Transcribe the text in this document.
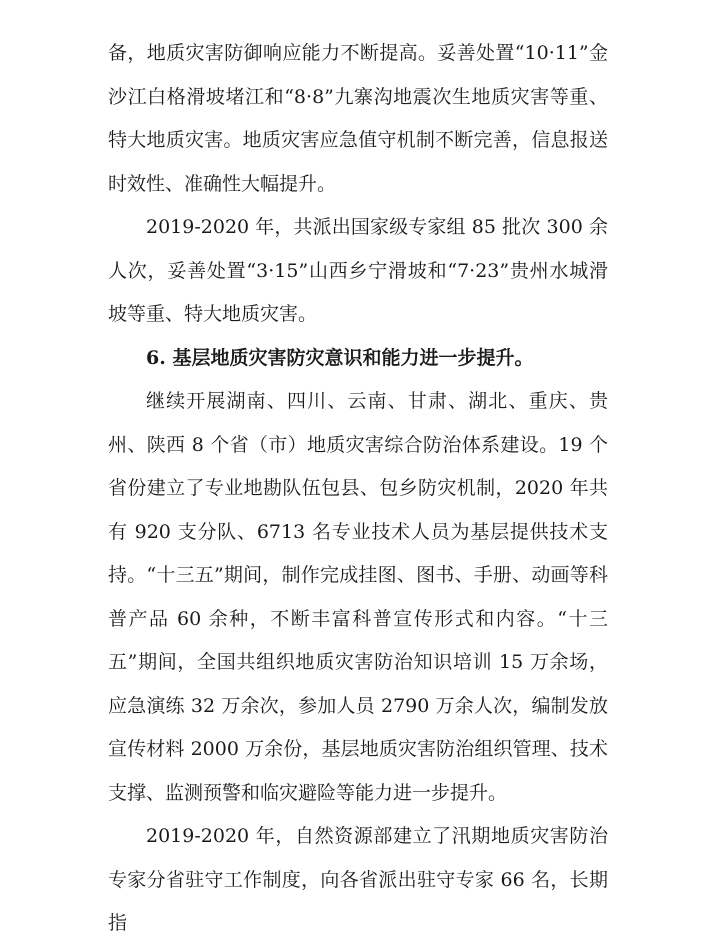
备，地质灾害防御响应能力不断提高。妥善处置“10·11”金沙江白格滑坡堵江和“8·8”九寨沟地震次生地质灾害等重、特大地质灾害。地质灾害应急值守机制不断完善，信息报送时效性、准确性大幅提升。

2019-2020 年，共派出国家级专家组 85 批次 300 余人次，妥善处置“3·15”山西乡宁滑坡和“7·23”贵州水城滑坡等重、特大地质灾害。

6. 基层地质灾害防灾意识和能力进一步提升。

继续开展湖南、四川、云南、甘肃、湖北、重庆、贵州、陕西 8 个省（市）地质灾害综合防治体系建设。19 个省份建立了专业地勘队伍包县、包乡防灾机制，2020 年共有 920 支分队、6713 名专业技术人员为基层提供技术支持。“十三五”期间，制作完成挂图、图书、手册、动画等科普产品 60 余种，不断丰富科普宣传形式和内容。“十三五”期间，全国共组织地质灾害防治知识培训 15 万余场，应急演练 32 万余次，参加人员 2790 万余人次，编制发放宣传材料 2000 万余份，基层地质灾害防治组织管理、技术支撑、监测预警和临灾避险等能力进一步提升。

2019-2020 年，自然资源部建立了汛期地质灾害防治专家分省驻守工作制度，向各省派出驻守专家 66 名，长期指
